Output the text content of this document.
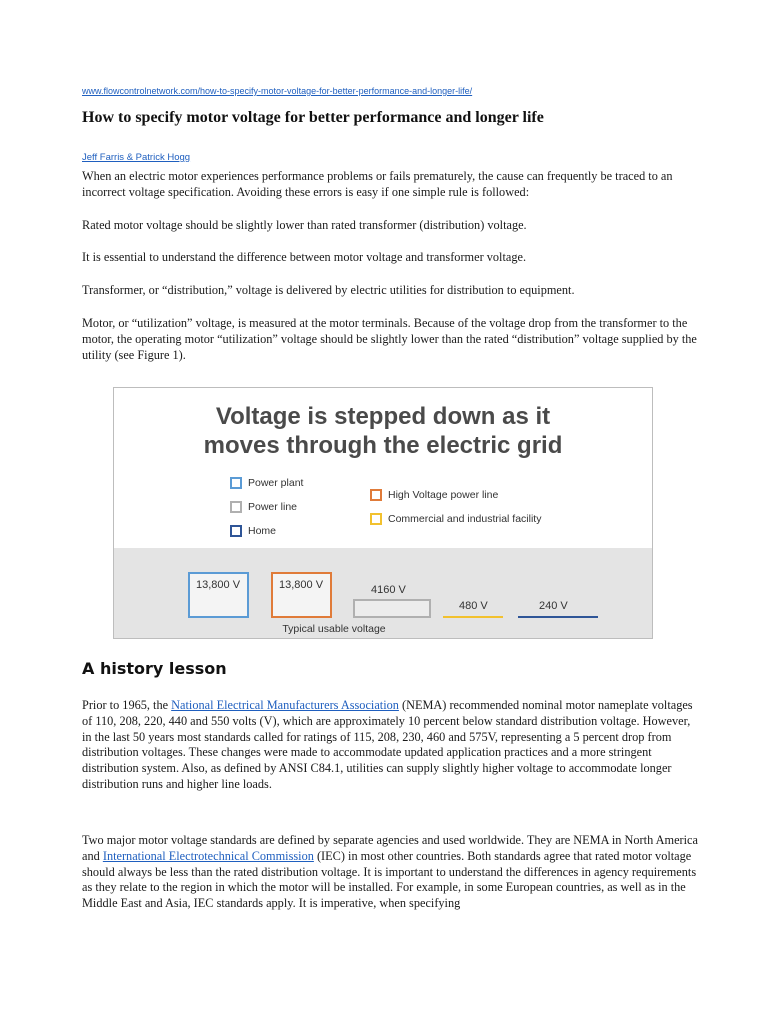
www.flowcontrolnetwork.com/how-to-specify-motor-voltage-for-better-performance-and-longer-life/
How to specify motor voltage for better performance and longer life
Jeff Farris & Patrick Hogg

When an electric motor experiences performance problems or fails prematurely, the cause can frequently be traced to an incorrect voltage specification. Avoiding these errors is easy if one simple rule is followed:

Rated motor voltage should be slightly lower than rated transformer (distribution) voltage.

It is essential to understand the difference between motor voltage and transformer voltage.

Transformer, or “distribution,” voltage is delivered by electric utilities for distribution to equipment.

Motor, or “utilization” voltage, is measured at the motor terminals. Because of the voltage drop from the transformer to the motor, the operating motor “utilization” voltage should be slightly lower than the rated “distribution” voltage supplied by the utility (see Figure 1).

Voltage is stepped down as it
moves through the electric grid
Power plant
Power line
Home
High Voltage power line
Commercial and industrial facility
13,800 V	13,800 V	4160 V
480 V	240 V
Typical usable voltage
A history lesson

Prior to 1965, the National Electrical Manufacturers Association (NEMA) recommended nominal motor nameplate voltages of 110, 208, 220, 440 and 550 volts (V), which are approximately 10 percent below standard distribution voltage. However, in the last 50 years most standards called for ratings of 115, 208, 230, 460 and 575V, representing a 5 percent drop from distribution voltages. These changes were made to accommodate updated application practices and a more stringent distribution system. Also, as defined by ANSI C84.1, utilities can supply slightly higher voltage to accommodate longer distribution runs and higher line loads.

Two major motor voltage standards are defined by separate agencies and used worldwide. They are NEMA in North America and International Electrotechnical Commission (IEC) in most other countries. Both standards agree that rated motor voltage should always be less than the rated distribution voltage. It is important to understand the differences in agency requirements as they relate to the region in which the motor will be installed. For example, in some European countries, as well as in the Middle East and Asia, IEC standards apply. It is imperative, when specifying
